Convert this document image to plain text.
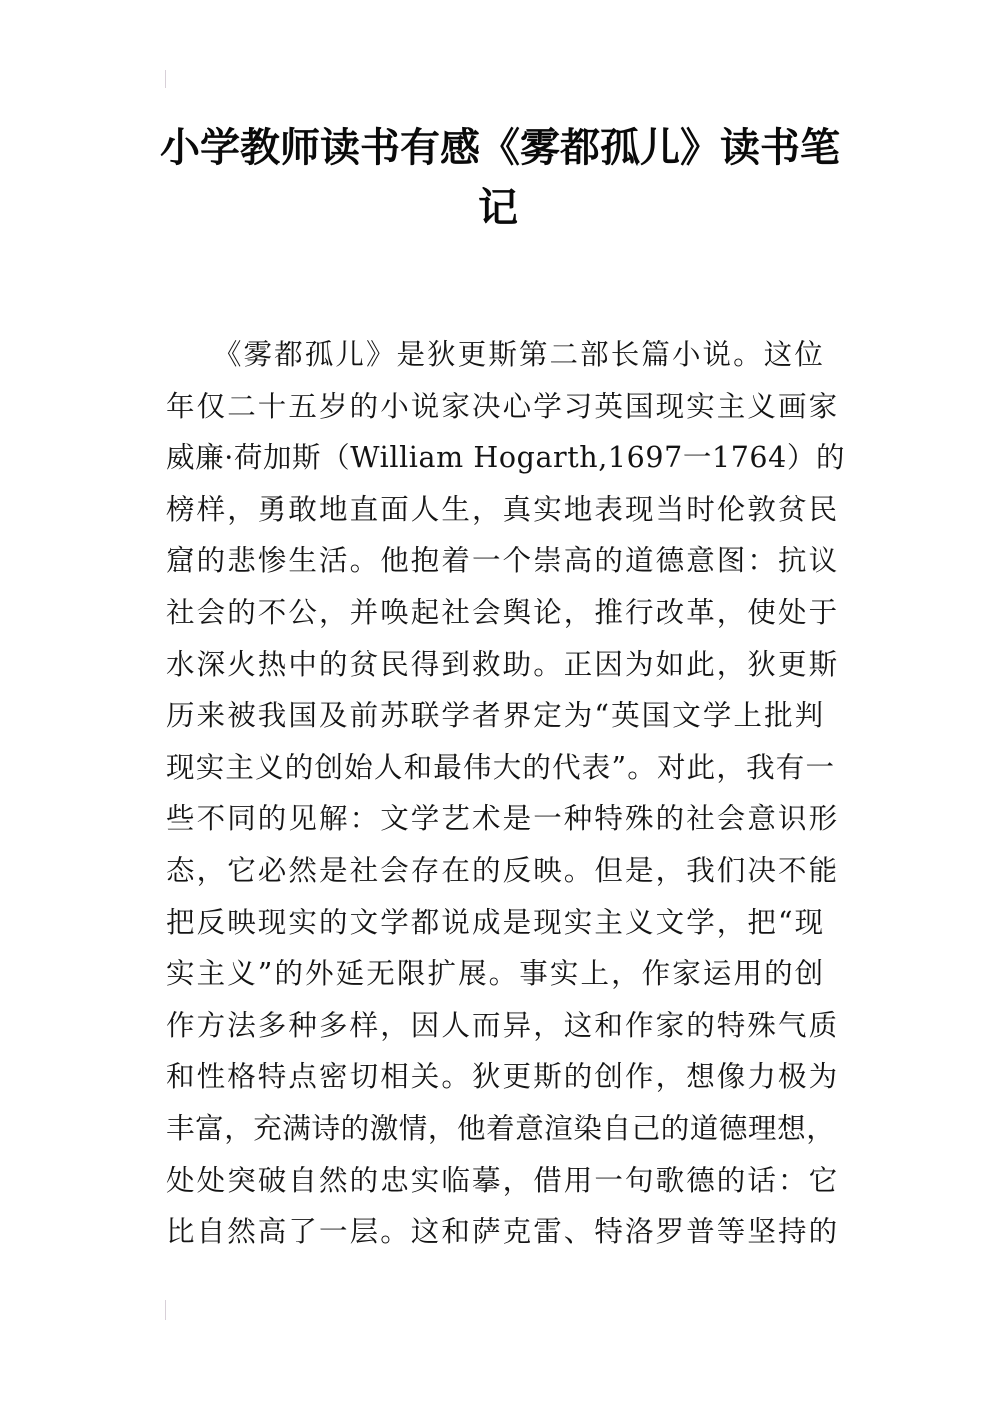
小学教师读书有感《雾都孤儿》读书笔
记
　　《雾都孤儿》是狄更斯第二部长篇小说。这位
年仅二十五岁的小说家决心学习英国现实主义画家
威廉·荷加斯（William Hogarth,1697一1764）的
榜样，勇敢地直面人生，真实地表现当时伦敦贫民
窟的悲惨生活。他抱着一个崇高的道德意图：抗议
社会的不公，并唤起社会舆论，推行改革，使处于
水深火热中的贫民得到救助。正因为如此，狄更斯
历来被我国及前苏联学者界定为“英国文学上批判
现实主义的创始人和最伟大的代表”。对此，我有一
些不同的见解：文学艺术是一种特殊的社会意识形
态，它必然是社会存在的反映。但是，我们决不能
把反映现实的文学都说成是现实主义文学，把“现
实主义”的外延无限扩展。事实上，作家运用的创
作方法多种多样，因人而异，这和作家的特殊气质
和性格特点密切相关。狄更斯的创作，想像力极为
丰富，充满诗的激情，他着意渲染自己的道德理想，
处处突破自然的忠实临摹，借用一句歌德的话：它
比自然高了一层。这和萨克雷、特洛罗普等坚持的
